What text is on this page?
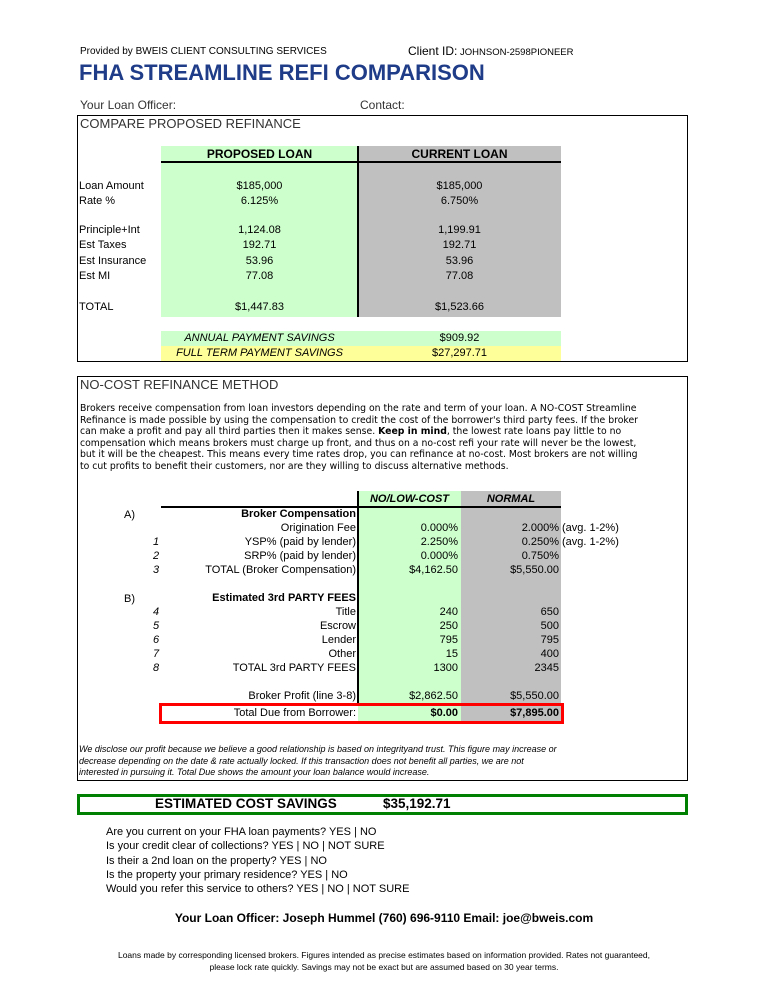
Provided by BWEIS CLIENT CONSULTING SERVICES	Client ID: JOHNSON-2598PIONEER
FHA STREAMLINE REFI COMPARISON
Your Loan Officer:	Contact:
COMPARE PROPOSED REFINANCE
PROPOSED LOAN	CURRENT LOAN
Loan Amount	$185,000	$185,000
Rate %	6.125%	6.750%
Principle+Int	1,124.08	1,199.91
Est Taxes	192.71	192.71
Est Insurance	53.96	53.96
Est MI	77.08	77.08
TOTAL	$1,447.83	$1,523.66
ANNUAL PAYMENT SAVINGS	$909.92
FULL TERM PAYMENT SAVINGS	$27,297.71
NO-COST REFINANCE METHOD
Brokers receive compensation from loan investors depending on the rate and term of your loan. A NO-COST Streamline
Refinance is made possible by using the compensation to credit the cost of the borrower's third party fees. If the broker
can make a profit and pay all third parties then it makes sense. Keep in mind, the lowest rate loans pay little to no
compensation which means brokers must charge up front, and thus on a no-cost refi your rate will never be the lowest,
but it will be the cheapest. This means every time rates drop, you can refinance at no-cost. Most brokers are not willing
to cut profits to benefit their customers, nor are they willing to discuss alternative methods.
NO/LOW-COST	NORMAL
A)	Broker Compensation
Origination Fee	0.000%	2.000% (avg. 1-2%)
1	YSP% (paid by lender)	2.250%	0.250% (avg. 1-2%)
2	SRP% (paid by lender)	0.000%	0.750%
3	TOTAL (Broker Compensation)	$4,162.50	$5,550.00
B)	Estimated 3rd PARTY FEES
4	Title	240	650
5	Escrow	250	500
6	Lender	795	795
7	Other	15	400
8	TOTAL 3rd PARTY FEES	1300	2345
Broker Profit (line 3-8)	$2,862.50	$5,550.00
Total Due from Borrower:	$0.00	$7,895.00
We disclose our profit because we believe a good relationship is based on integrityand trust. This figure may increase or
decrease depending on the date & rate actually locked. If this transaction does not benefit all parties, we are not
interested in pursuing it. Total Due shows the amount your loan balance would increase.
ESTIMATED COST SAVINGS	$35,192.71
Are you current on your FHA loan payments? YES | NO
Is your credit clear of collections? YES | NO | NOT SURE
Is their a 2nd loan on the property? YES | NO
Is the property your primary residence? YES | NO
Would you refer this service to others? YES | NO | NOT SURE
Your Loan Officer: Joseph Hummel (760) 696-9110 Email: joe@bweis.com
Loans made by corresponding licensed brokers. Figures intended as precise estimates based on information provided. Rates not guaranteed,
please lock rate quickly. Savings may not be exact but are assumed based on 30 year terms.
